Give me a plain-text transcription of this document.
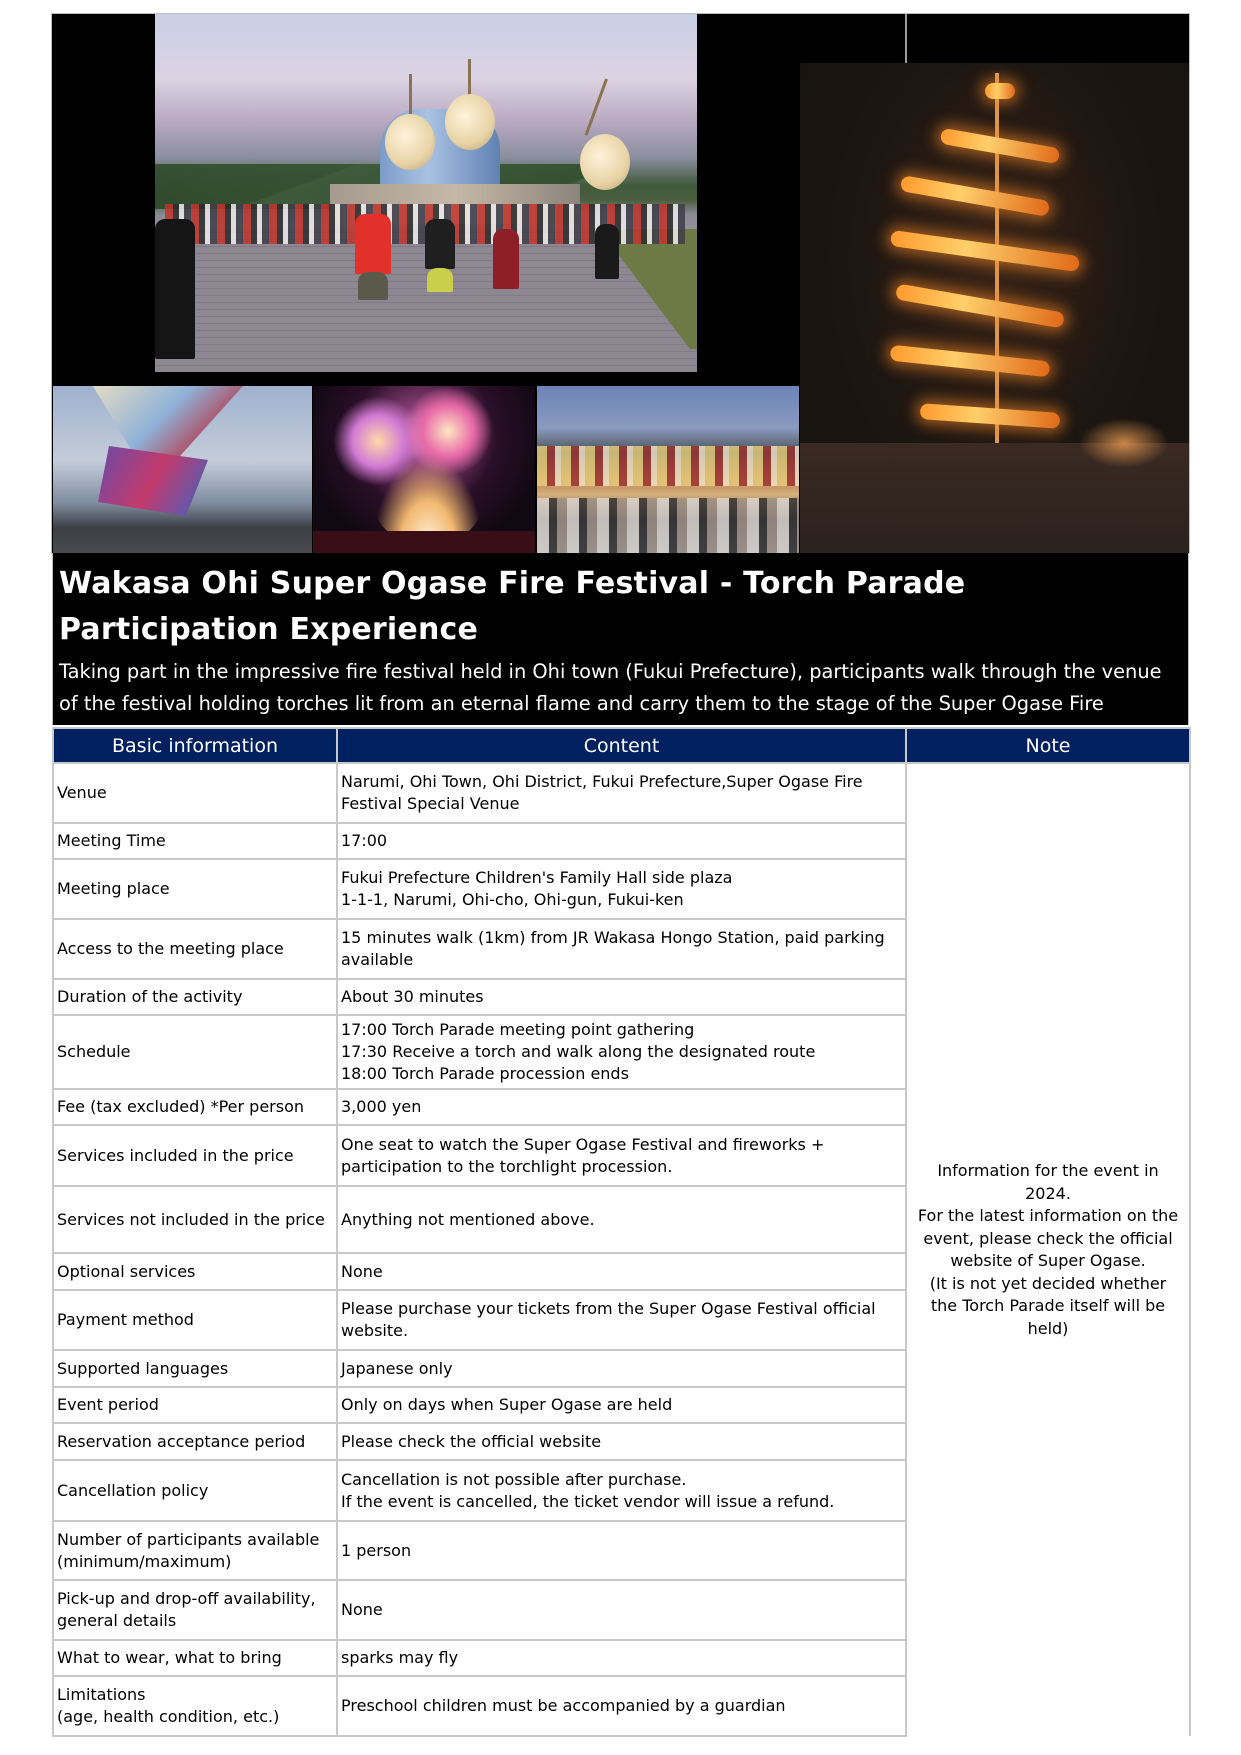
Wakasa Ohi Super Ogase Fire Festival - Torch Parade Participation Experience

Taking part in the impressive fire festival held in Ohi town (Fukui Prefecture), participants walk through the venue of the festival holding torches lit from an eternal flame and carry them to the stage of the Super Ogase Fire

Basic information	Content	Note
Venue	Narumi, Ohi Town, Ohi District, Fukui Prefecture,Super Ogase Fire Festival Special Venue	Information for the event in 2024.
For the latest information on the event, please check the official website of Super Ogase.
(It is not yet decided whether the Torch Parade itself will be held)
Meeting Time	17:00	
Meeting place	Fukui Prefecture Children's Family Hall side plaza
1-1-1, Narumi, Ohi-cho, Ohi-gun, Fukui-ken	
Access to the meeting place	15 minutes walk (1km) from JR Wakasa Hongo Station, paid parking available	
Duration of the activity	About 30 minutes	
Schedule	17:00 Torch Parade meeting point gathering
17:30 Receive a torch and walk along the designated route
18:00 Torch Parade procession ends	
Fee (tax excluded) *Per person	3,000 yen	
Services included in the price	One seat to watch the Super Ogase Festival and fireworks + participation to the torchlight procession.	
Services not included in the price	Anything not mentioned above.	
Optional services	None	
Payment method	Please purchase your tickets from the Super Ogase Festival official website.	
Supported languages	Japanese only	
Event period	Only on days when Super Ogase are held	
Reservation acceptance period	Please check the official website	
Cancellation policy	Cancellation is not possible after purchase.
If the event is cancelled, the ticket vendor will issue a refund.	
Number of participants available
(minimum/maximum)	1 person	
Pick-up and drop-off availability,
general details	None	
What to wear, what to bring	sparks may fly	
Limitations
(age, health condition, etc.)	Preschool children must be accompanied by a guardian	
